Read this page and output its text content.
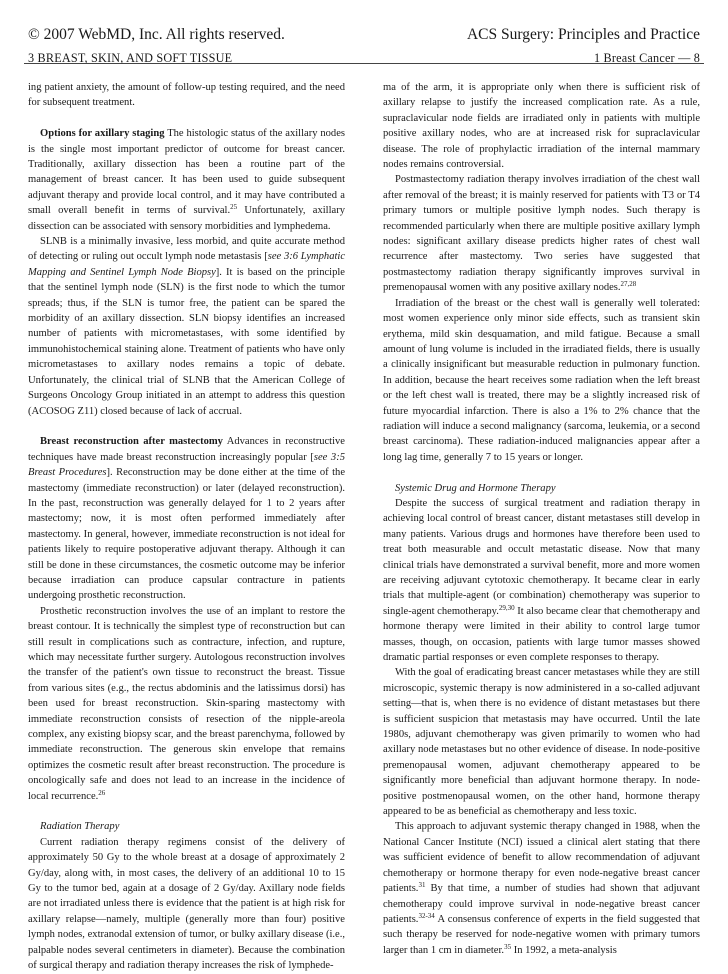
© 2007 WebMD, Inc. All rights reserved.	ACS Surgery: Principles and Practice
3 BREAST, SKIN, AND SOFT TISSUE	1 Breast Cancer — 8

ing patient anxiety, the amount of follow-up testing required, and the need for subsequent treatment.

Options for axillary staging The histologic status of the axillary nodes is the single most important predictor of outcome for breast cancer. Traditionally, axillary dissection has been a routine part of the management of breast cancer. It has been used to guide subsequent adjuvant therapy and provide local control, and it may have contributed a small overall benefit in terms of survival.$^{25}$ Unfortunately, axillary dissection can be associated with sensory morbidities and lymphedema.

SLNB is a minimally invasive, less morbid, and quite accurate method of detecting or ruling out occult lymph node metastasis [see 3:6 Lymphatic Mapping and Sentinel Lymph Node Biopsy]. It is based on the principle that the sentinel lymph node (SLN) is the first node to which the tumor spreads; thus, if the SLN is tumor free, the patient can be spared the morbidity of an axillary dissection. SLN biopsy identifies an increased number of patients with micrometastases, with some identified by immunohistochemical staining alone. Treatment of patients who have only micrometastases to axillary nodes remains a topic of debate. Unfortunately, the clinical trial of SLNB that the American College of Surgeons Oncology Group initiated in an attempt to address this question (ACOSOG Z11) closed because of lack of accrual.

Breast reconstruction after mastectomy Advances in reconstructive techniques have made breast reconstruction increasingly popular [see 3:5 Breast Procedures]. Reconstruction may be done either at the time of the mastectomy (immediate reconstruction) or later (delayed reconstruction). In the past, reconstruction was generally delayed for 1 to 2 years after mastectomy; now, it is most often performed immediately after mastectomy. In general, however, immediate reconstruction is not ideal for patients likely to require postoperative adjuvant therapy. Although it can still be done in these circumstances, the cosmetic outcome may be inferior because irradiation can produce capsular contracture in patients undergoing prosthetic reconstruction.

Prosthetic reconstruction involves the use of an implant to restore the breast contour. It is technically the simplest type of reconstruction but can still result in complications such as contracture, infection, and rupture, which may necessitate further surgery. Autologous reconstruction involves the transfer of the patient's own tissue to reconstruct the breast. Tissue from various sites (e.g., the rectus abdominis and the latissimus dorsi) has been used for breast reconstruction. Skin-sparing mastectomy with immediate reconstruction consists of resection of the nipple-areola complex, any existing biopsy scar, and the breast parenchyma, followed by immediate reconstruction. The generous skin envelope that remains optimizes the cosmetic result after breast reconstruction. The procedure is oncologically safe and does not lead to an increase in the incidence of local recurrence.$^{26}$

Radiation Therapy

Current radiation therapy regimens consist of the delivery of approximately 50 Gy to the whole breast at a dosage of approximately 2 Gy/day, along with, in most cases, the delivery of an additional 10 to 15 Gy to the tumor bed, again at a dosage of 2 Gy/day. Axillary node fields are not irradiated unless there is evidence that the patient is at high risk for axillary relapse—namely, multiple (generally more than four) positive lymph nodes, extranodal extension of tumor, or bulky axillary disease (i.e., palpable nodes several centimeters in diameter). Because the combination of surgical therapy and radiation therapy increases the risk of lymphede-

ma of the arm, it is appropriate only when there is sufficient risk of axillary relapse to justify the increased complication rate. As a rule, supraclavicular node fields are irradiated only in patients with multiple positive axillary nodes, who are at increased risk for supraclavicular disease. The role of prophylactic irradiation of the internal mammary nodes remains controversial.

Postmastectomy radiation therapy involves irradiation of the chest wall after removal of the breast; it is mainly reserved for patients with T3 or T4 primary tumors or multiple positive lymph nodes. Such therapy is recommended particularly when there are multiple positive axillary lymph nodes: significant axillary disease predicts higher rates of chest wall recurrence after mastectomy. Two series have suggested that postmastectomy radiation therapy significantly improves survival in premenopausal women with any positive axillary nodes.$^{27,28}$

Irradiation of the breast or the chest wall is generally well tolerated: most women experience only minor side effects, such as transient skin erythema, mild skin desquamation, and mild fatigue. Because a small amount of lung volume is included in the irradiated fields, there is usually a clinically insignificant but measurable reduction in pulmonary function. In addition, because the heart receives some radiation when the left breast or the left chest wall is treated, there may be a slightly increased risk of future myocardial infarction. There is also a 1% to 2% chance that the radiation will induce a second malignancy (sarcoma, leukemia, or a second breast carcinoma). These radiation-induced malignancies appear after a long lag time, generally 7 to 15 years or longer.

Systemic Drug and Hormone Therapy

Despite the success of surgical treatment and radiation therapy in achieving local control of breast cancer, distant metastases still develop in many patients. Various drugs and hormones have therefore been used to treat both measurable and occult metastatic disease. Now that many clinical trials have demonstrated a survival benefit, more and more women are receiving adjuvant cytotoxic chemotherapy. It became clear in early trials that multiple-agent (or combination) chemotherapy was superior to single-agent chemotherapy.$^{29,30}$ It also became clear that chemotherapy and hormone therapy were limited in their ability to control large tumor masses, though, on occasion, patients with large tumor masses showed dramatic partial responses or even complete responses to therapy.

With the goal of eradicating breast cancer metastases while they are still microscopic, systemic therapy is now administered in a so-called adjuvant setting—that is, when there is no evidence of distant metastases but there is sufficient suspicion that metastasis may have occurred. Until the late 1980s, adjuvant chemotherapy was given primarily to women who had axillary node metastases but no other evidence of disease. In node-positive premenopausal women, adjuvant chemotherapy appeared to be significantly more beneficial than adjuvant hormone therapy. In node-positive postmenopausal women, on the other hand, hormone therapy appeared to be as beneficial as chemotherapy and less toxic.

This approach to adjuvant systemic therapy changed in 1988, when the National Cancer Institute (NCI) issued a clinical alert stating that there was sufficient evidence of benefit to allow recommendation of adjuvant chemotherapy or hormone therapy for even node-negative breast cancer patients.$^{31}$ By that time, a number of studies had shown that adjuvant chemotherapy could improve survival in node-negative breast cancer patients.$^{32-34}$ A consensus conference of experts in the field suggested that such therapy be reserved for node-negative women with primary tumors larger than 1 cm in diameter.$^{35}$ In 1992, a meta-analysis
